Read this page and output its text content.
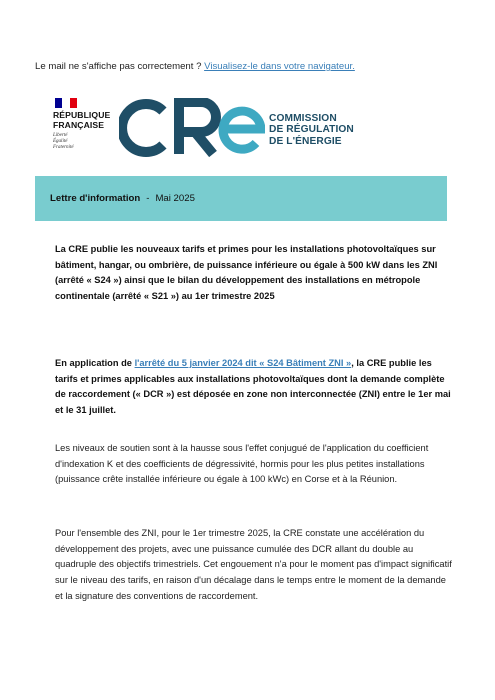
Le mail ne s'affiche pas correctement ? Visualisez-le dans votre navigateur.
RÉPUBLIQUE
FRANÇAISE
Liberté
Égalité
Fraternité
COMMISSION
DE RÉGULATION
DE L'ÉNERGIE
Lettre d'information - Mai 2025
La CRE publie les nouveaux tarifs et primes pour les installations photovoltaïques sur bâtiment, hangar, ou ombrière, de puissance inférieure ou égale à 500 kW dans les ZNI (arrêté « S24 ») ainsi que le bilan du développement des installations en métropole continentale (arrêté « S21 ») au 1er trimestre 2025
En application de l'arrêté du 5 janvier 2024 dit « S24 Bâtiment ZNI », la CRE publie les tarifs et primes applicables aux installations photovoltaïques dont la demande complète de raccordement (« DCR ») est déposée en zone non interconnectée (ZNI) entre le 1er mai et le 31 juillet.
Les niveaux de soutien sont à la hausse sous l'effet conjugué de l'application du coefficient d'indexation K et des coefficients de dégressivité, hormis pour les plus petites installations (puissance crête installée inférieure ou égale à 100 kWc) en Corse et à la Réunion.
Pour l'ensemble des ZNI, pour le 1er trimestre 2025, la CRE constate une accélération du développement des projets, avec une puissance cumulée des DCR allant du double au quadruple des objectifs trimestriels. Cet engouement n'a pour le moment pas d'impact significatif sur le niveau des tarifs, en raison d'un décalage dans le temps entre le moment de la demande et la signature des conventions de raccordement.
